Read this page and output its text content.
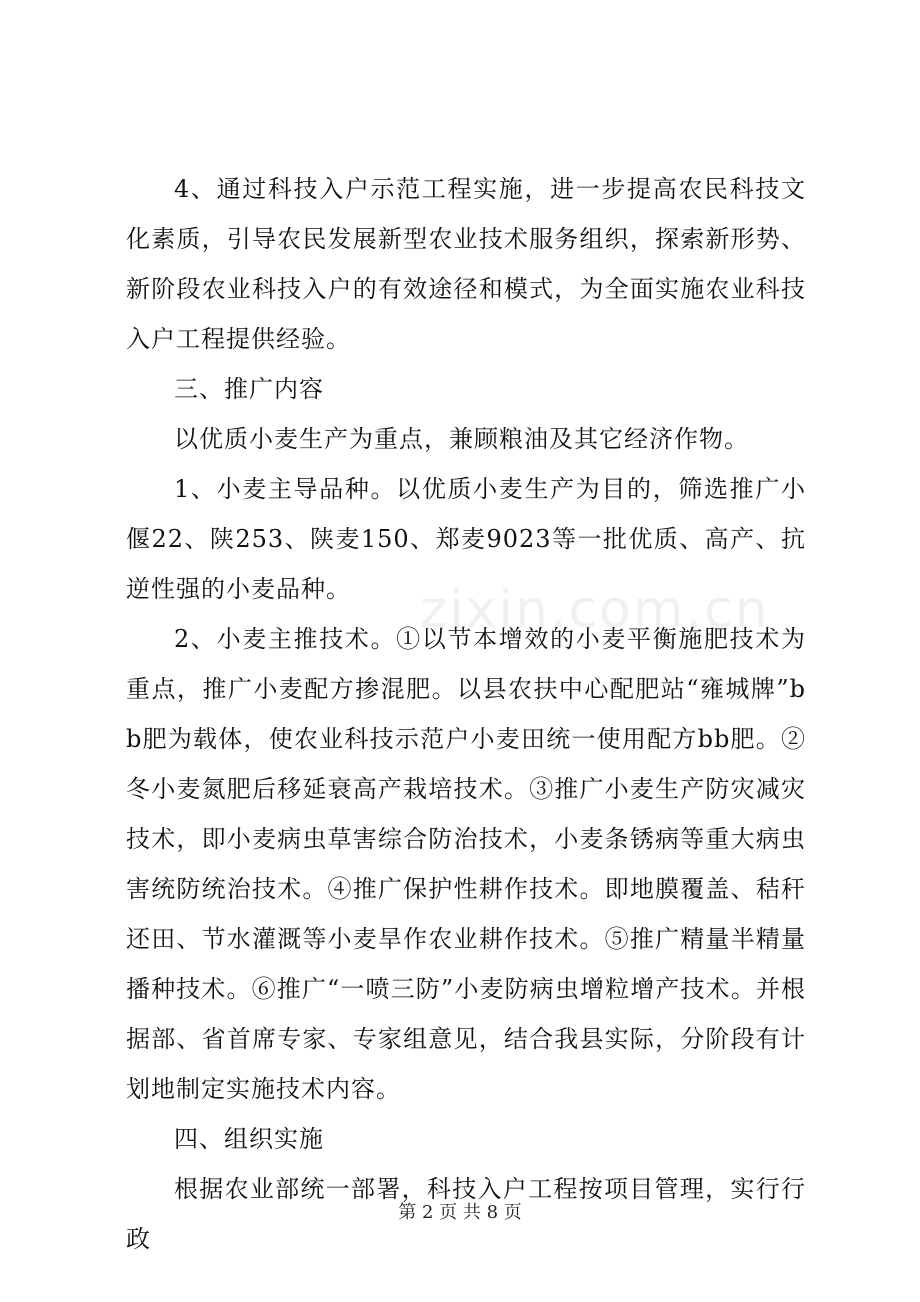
4、通过科技入户示范工程实施，进一步提高农民科技文化素质，引导农民发展新型农业技术服务组织，探索新形势、新阶段农业科技入户的有效途径和模式，为全面实施农业科技入户工程提供经验。

三、推广内容

以优质小麦生产为重点，兼顾粮油及其它经济作物。

1、小麦主导品种。以优质小麦生产为目的，筛选推广小偃22、陕253、陕麦150、郑麦9023等一批优质、高产、抗逆性强的小麦品种。

2、小麦主推技术。①以节本增效的小麦平衡施肥技术为重点，推广小麦配方掺混肥。以县农扶中心配肥站“雍城牌”bb肥为载体，使农业科技示范户小麦田统一使用配方bb肥。②冬小麦氮肥后移延衰高产栽培技术。③推广小麦生产防灾减灾技术，即小麦病虫草害综合防治技术，小麦条锈病等重大病虫害统防统治技术。④推广保护性耕作技术。即地膜覆盖、秸秆还田、节水灌溉等小麦旱作农业耕作技术。⑤推广精量半精量播种技术。⑥推广“一喷三防”小麦防病虫增粒增产技术。并根据部、省首席专家、专家组意见，结合我县实际，分阶段有计划地制定实施技术内容。

四、组织实施

根据农业部统一部署，科技入户工程按项目管理，实行行政

zixin.com.cn
第 2 页 共 8 页
